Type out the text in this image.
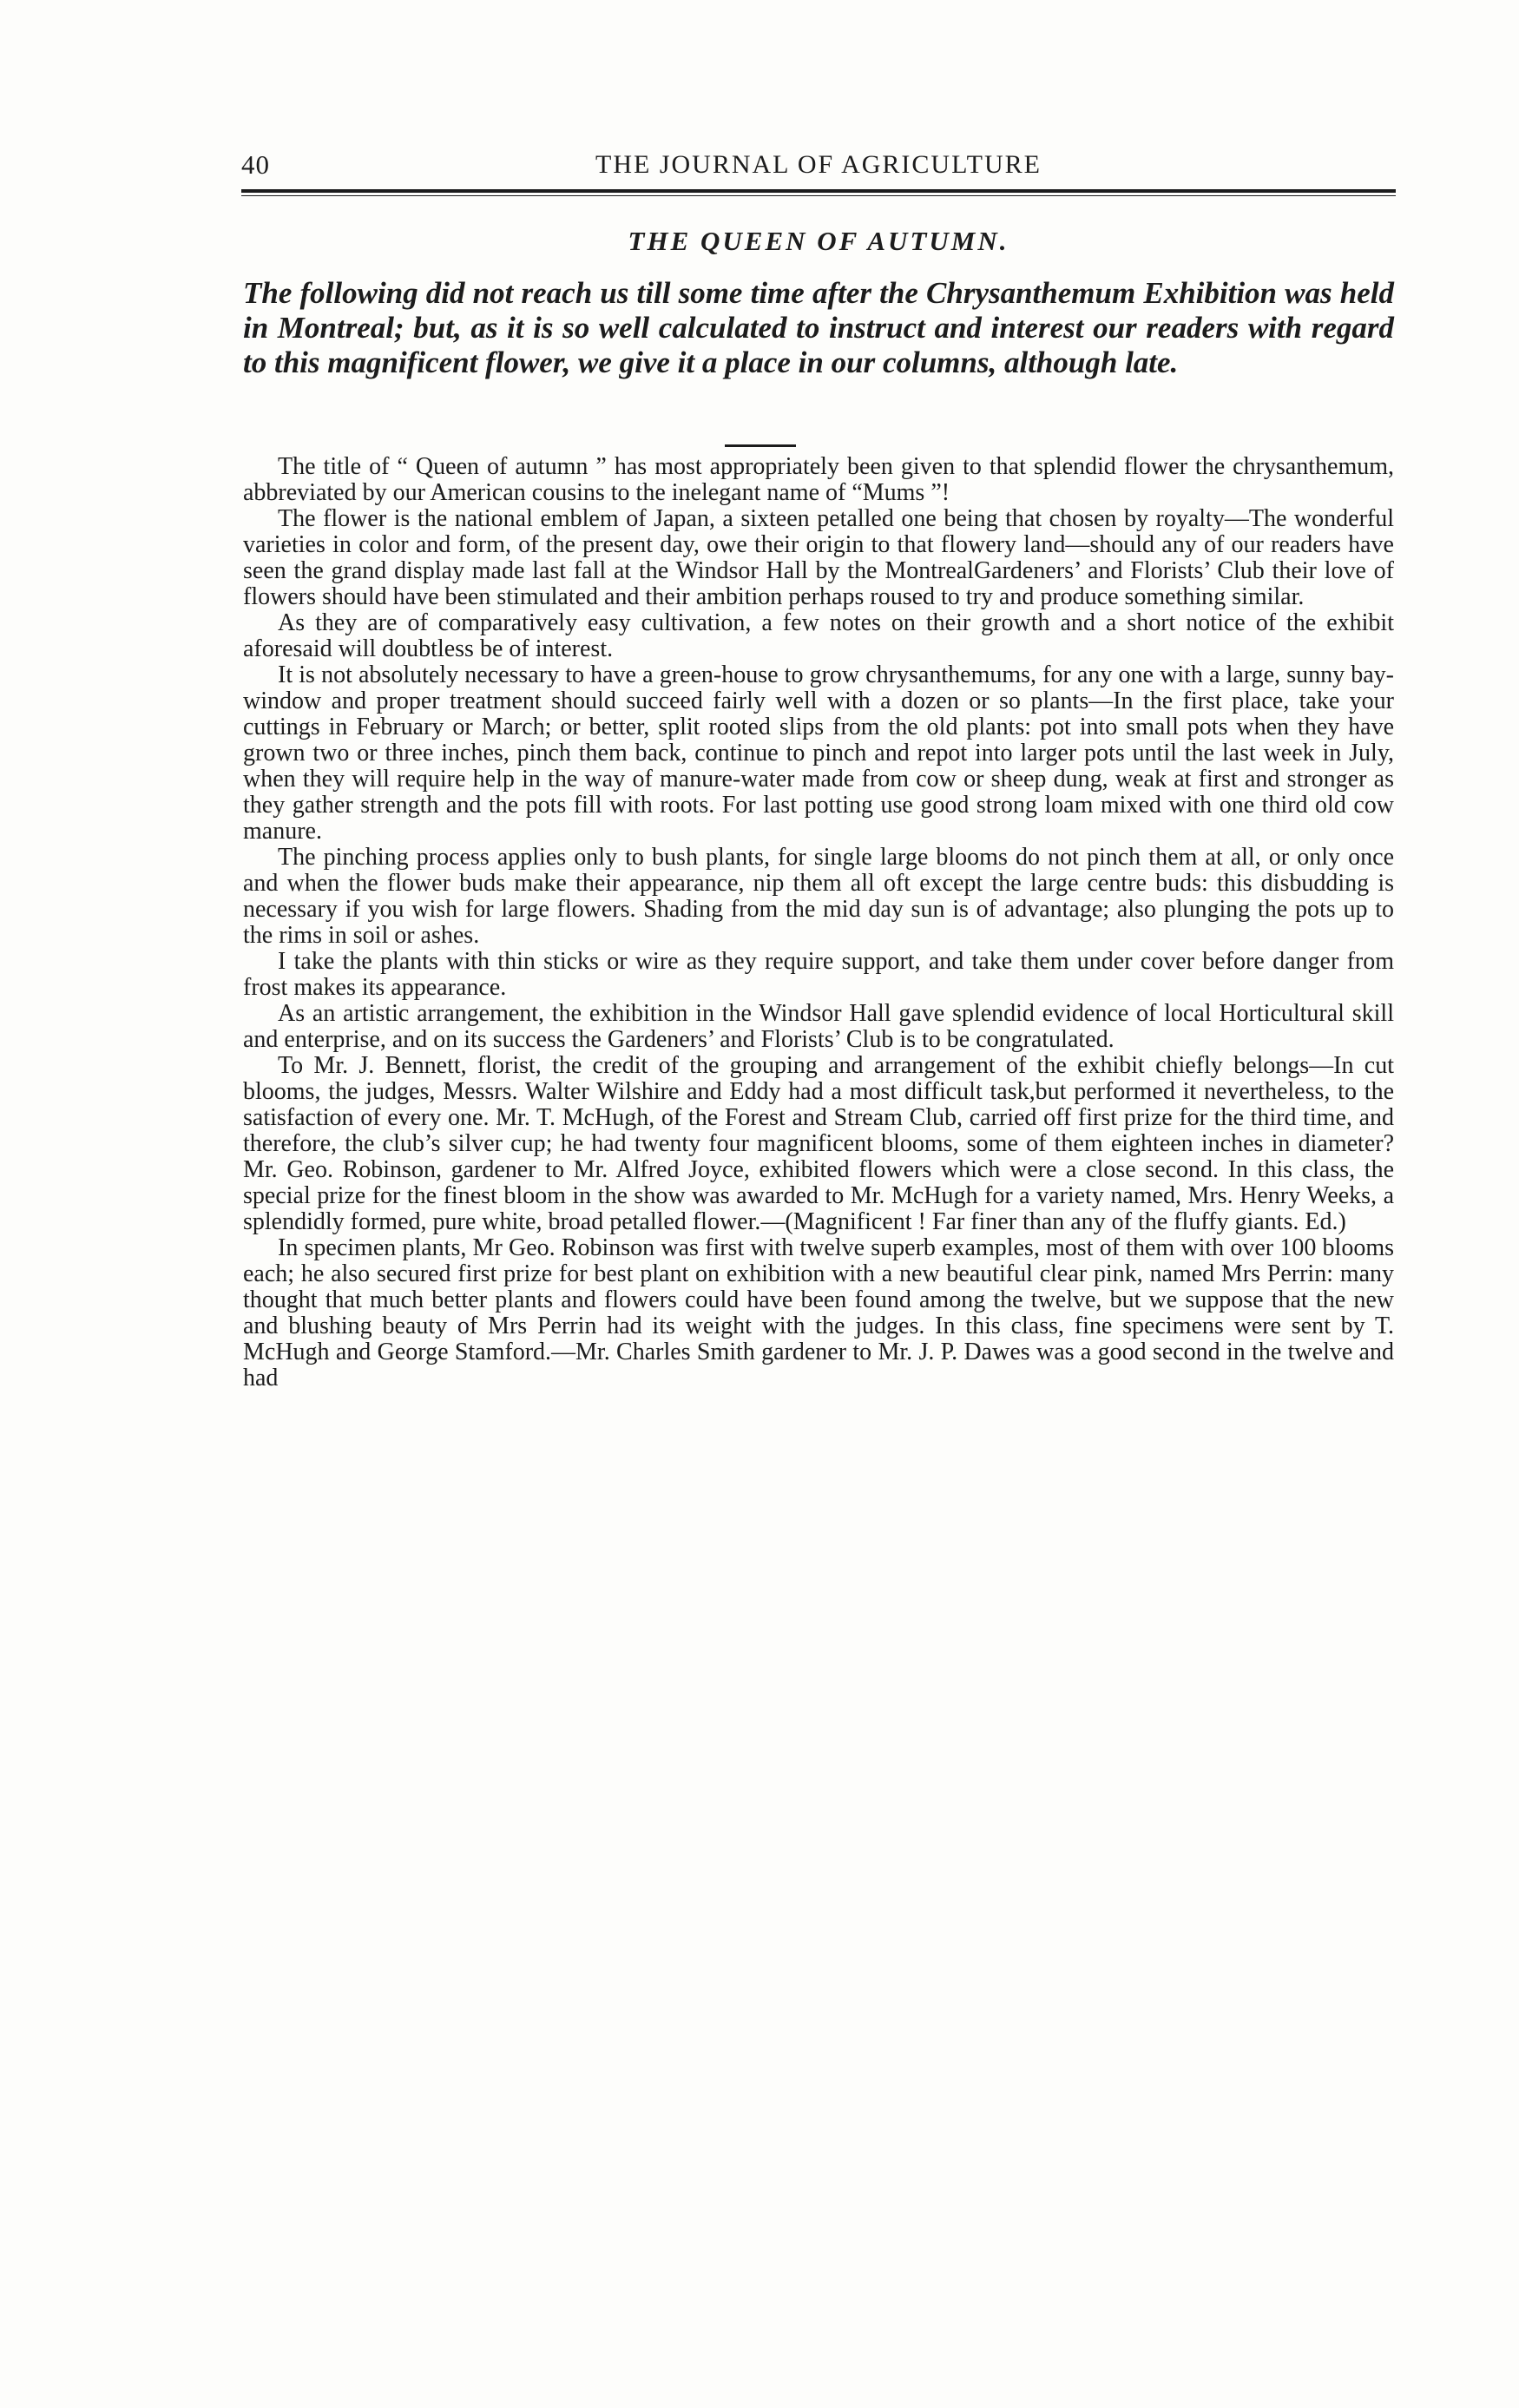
40	THE JOURNAL OF AGRICULTURE
THE QUEEN OF AUTUMN.
The following did not reach us till some time after the Chrysanthemum Exhibition was held in Montreal; but, as it is so well calculated to instruct and interest our readers with regard to this magnificent flower, we give it a place in our columns, although late.

The title of “ Queen of autumn ” has most appropriately been given to that splendid flower the chrysanthemum, abbreviated by our American cousins to the inelegant name of “Mums ”!

The flower is the national emblem of Japan, a sixteen petalled one being that chosen by royalty—The wonderful varieties in color and form, of the present day, owe their origin to that flowery land—should any of our readers have seen the grand display made last fall at the Windsor Hall by the MontrealGardeners’ and Florists’ Club their love of flowers should have been stimulated and their ambition perhaps roused to try and produce something similar.

As they are of comparatively easy cultivation, a few notes on their growth and a short notice of the exhibit aforesaid will doubtless be of interest.

It is not absolutely necessary to have a green-house to grow chrysanthemums, for any one with a large, sunny bay-window and proper treatment should succeed fairly well with a dozen or so plants—In the first place, take your cuttings in February or March; or better, split rooted slips from the old plants: pot into small pots when they have grown two or three inches, pinch them back, continue to pinch and repot into larger pots until the last week in July, when they will require help in the way of manure-water made from cow or sheep dung, weak at first and stronger as they gather strength and the pots fill with roots. For last potting use good strong loam mixed with one third old cow manure.

The pinching process applies only to bush plants, for single large blooms do not pinch them at all, or only once and when the flower buds make their appearance, nip them all oft except the large centre buds: this disbudding is necessary if you wish for large flowers. Shading from the mid day sun is of advantage; also plunging the pots up to the rims in soil or ashes.

I take the plants with thin sticks or wire as they require support, and take them under cover before danger from frost makes its appearance.

As an artistic arrangement, the exhibition in the Windsor Hall gave splendid evidence of local Horticultural skill and enterprise, and on its success the Gardeners’ and Florists’ Club is to be congratulated.

To Mr. J. Bennett, florist, the credit of the grouping and arrangement of the exhibit chiefly belongs—In cut blooms, the judges, Messrs. Walter Wilshire and Eddy had a most difficult task,but performed it nevertheless, to the satisfaction of every one. Mr. T. McHugh, of the Forest and Stream Club, carried off first prize for the third time, and therefore, the club’s silver cup; he had twenty four magnificent blooms, some of them eighteen inches in diameter? Mr. Geo. Robinson, gardener to Mr. Alfred Joyce, exhibited flowers which were a close second. In this class, the special prize for the finest bloom in the show was awarded to Mr. McHugh for a variety named, Mrs. Henry Weeks, a splendidly formed, pure white, broad petalled flower.—(Magnificent ! Far finer than any of the fluffy giants. Ed.)

In specimen plants, Mr Geo. Robinson was first with twelve superb examples, most of them with over 100 blooms each; he also secured first prize for best plant on exhibition with a new beautiful clear pink, named Mrs Perrin: many thought that much better plants and flowers could have been found among the twelve, but we suppose that the new and blushing beauty of Mrs Perrin had its weight with the judges. In this class, fine specimens were sent by T. McHugh and George Stamford.—Mr. Charles Smith gardener to Mr. J. P. Dawes was a good second in the twelve and had
